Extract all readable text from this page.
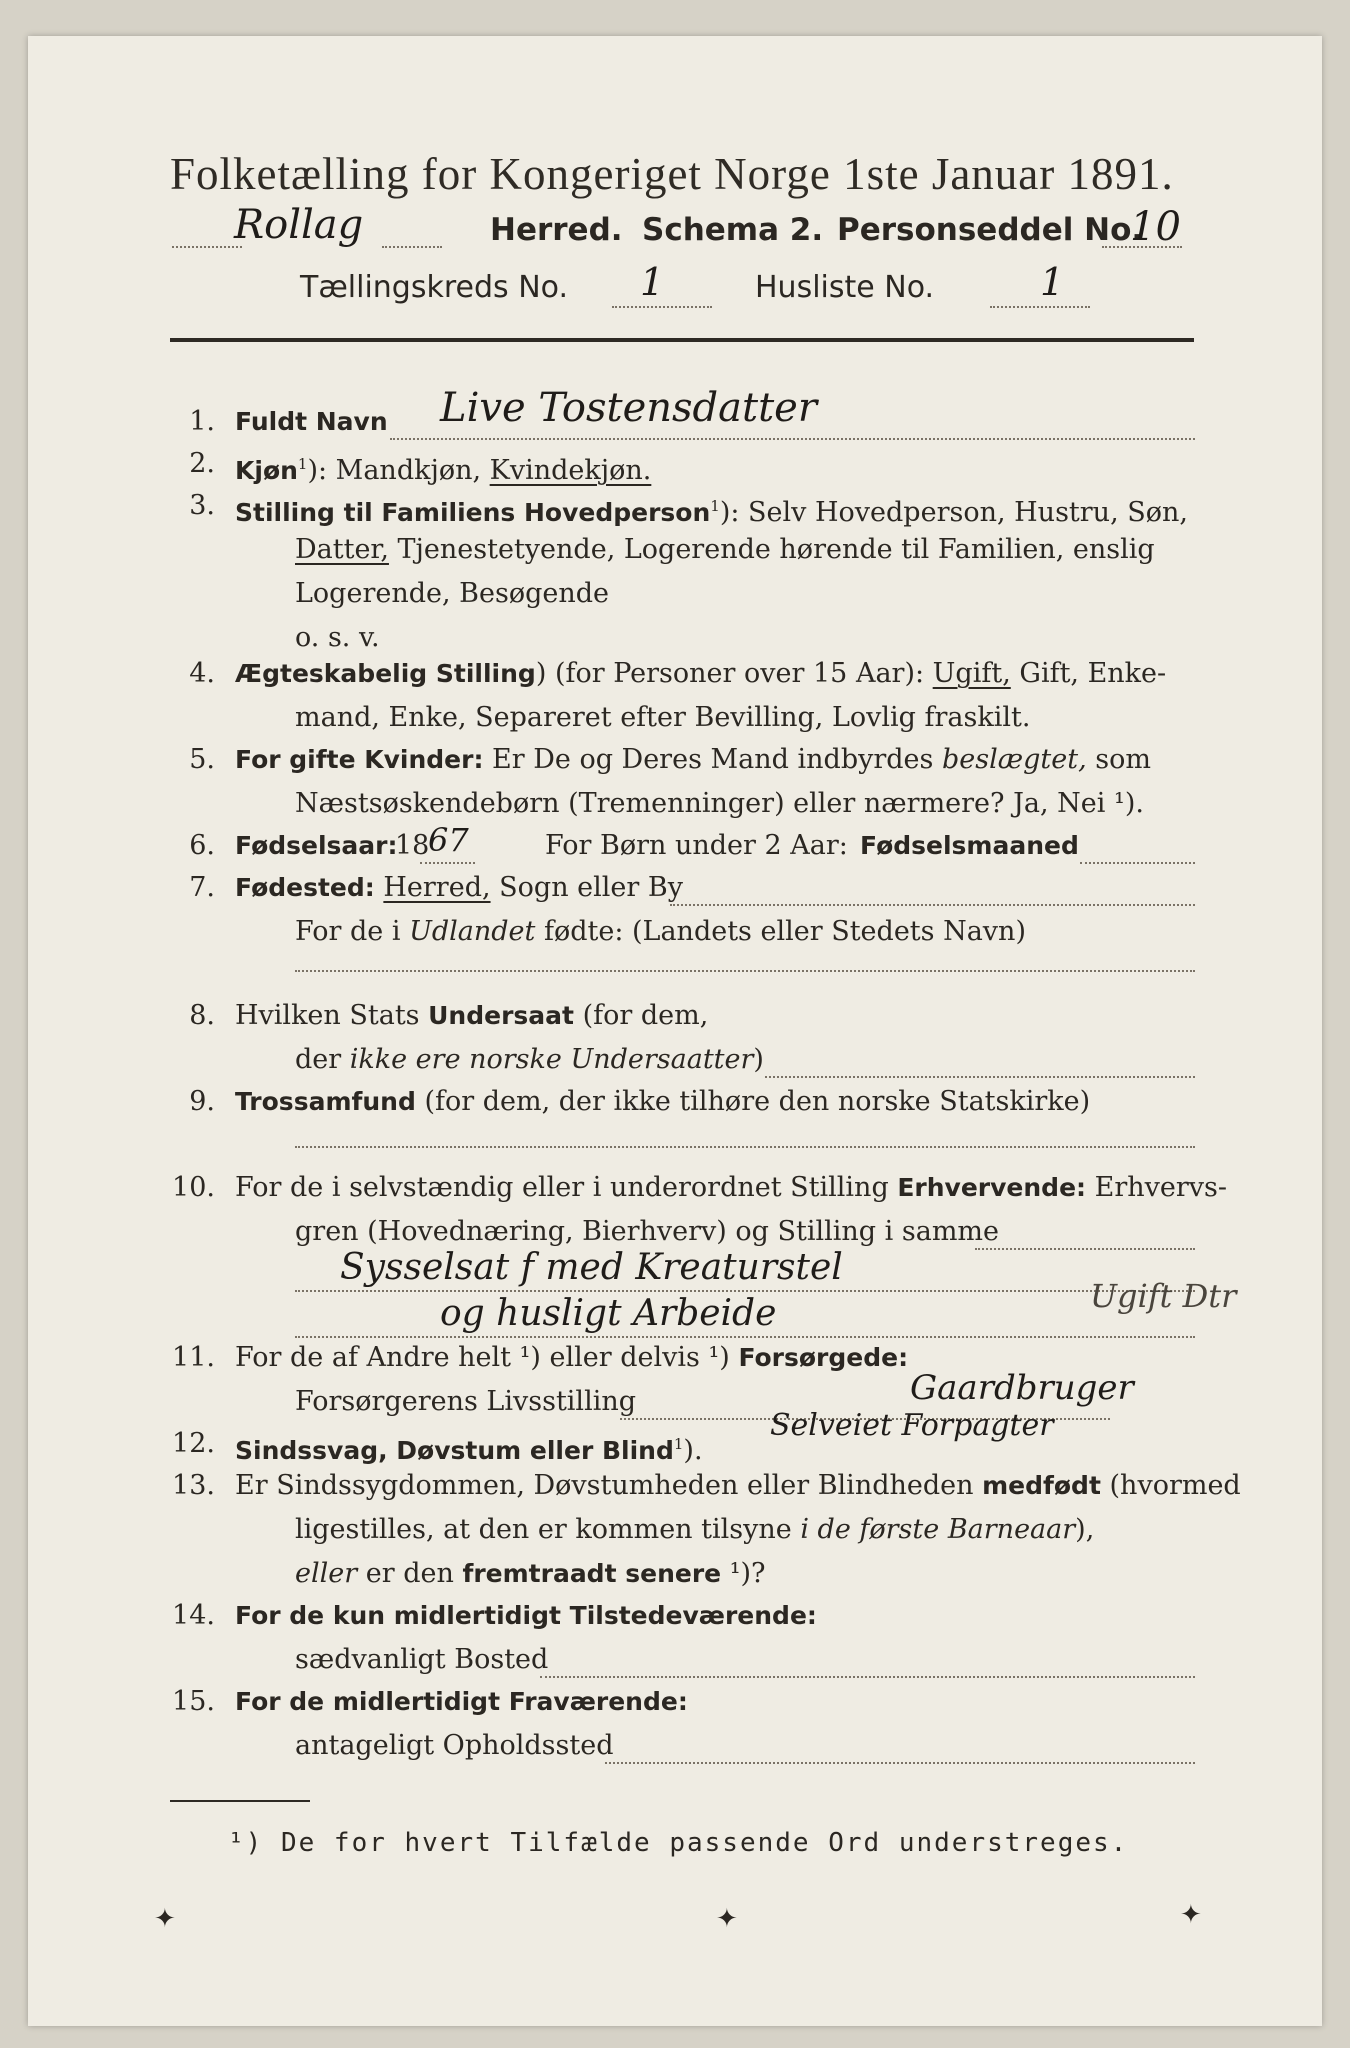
Folketælling for Kongeriget Norge 1ste Januar 1891.
Rollag	Herred. Schema 2. Personseddel No.
10
Tællingskreds No. 1	Husliste No.	1
1. Fuldt Navn Live Tostensdatter
2. Kjøn$^1$): Mandkjøn, Kvindekjøn.
3. Stilling til Familiens Hovedperson$^1$): Selv Hovedperson, Hustru, Søn,
Datter, Tjenestetyende, Logerende hørende til Familien, enslig
Logerende, Besøgende
o. s. v.
4. Ægteskabelig Stilling) (for Personer over 15 Aar): Ugift, Gift, Enke-
mand, Enke, Separeret efter Bevilling, Lovlig fraskilt.
5. For gifte Kvinder: Er De og Deres Mand indbyrdes beslægtet, som
Næstsøskendebørn (Tremenninger) eller nærmere? Ja, Nei ¹).
6. Fødselsaar:
18
67	For Børn under 2 Aar: Fødselsmaaned
7. Fødested: Herred, Sogn eller By
For de i Udlandet fødte: (Landets eller Stedets Navn)
8. Hvilken Stats Undersaat (for dem,
der ikke ere norske Undersaatter)
9. Trossamfund (for dem, der ikke tilhøre den norske Statskirke)
10. For de i selvstændig eller i underordnet Stilling Erhvervende: Erhvervs-
gren (Hovednæring, Bierhverv) og Stilling i samme
Sysselsat f med Kreaturstel
og husligt Arbeide	Ugift Dtr
11. For de af Andre helt ¹) eller delvis ¹) Forsørgede:
Forsørgerens Livsstilling	Gaardbruger
12. Sindssvag, Døvstum eller Blind$^1$).
Selveiet Forpagter
13. Er Sindssygdommen, Døvstumheden eller Blindheden medfødt (hvormed
ligestilles, at den er kommen tilsyne i de første Barneaar),
eller er den fremtraadt senere ¹)?
14. For de kun midlertidigt Tilstedeværende:
sædvanligt Bosted
15. For de midlertidigt Fraværende:
antageligt Opholdssted
¹) De for hvert Tilfælde passende Ord understreges.
✦	✦	✦
